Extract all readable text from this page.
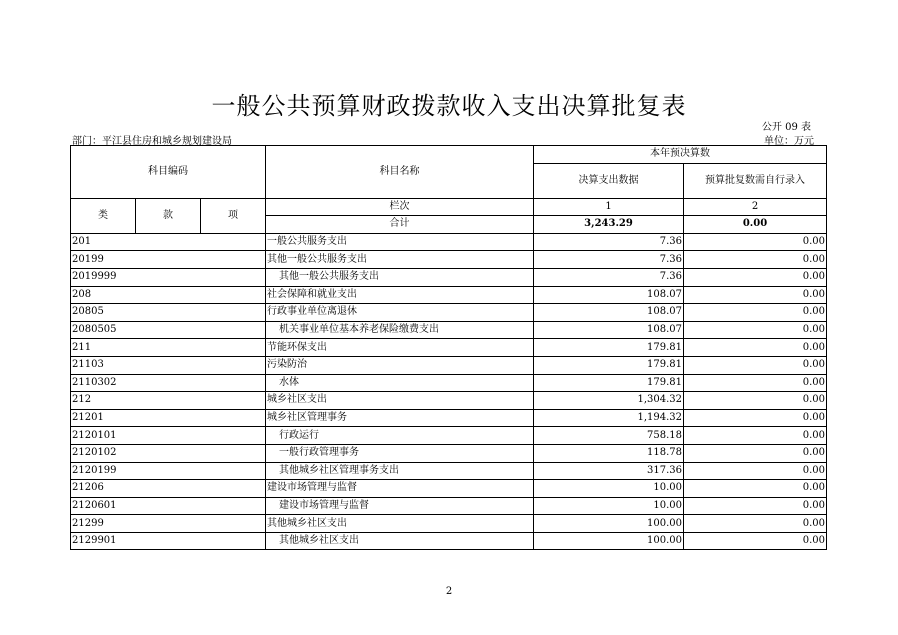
一般公共预算财政拨款收入支出决算批复表
公开 09 表
部门：平江县住房和城乡规划建设局	单位：万元
科目编码			科目名称	本年预决算数	
				决算支出数据	预算批复数需自行录入
类	款	项	栏次	1	2
			合计	3,243.29	0.00
201			一般公共服务支出	7.36	0.00
20199			其他一般公共服务支出	7.36	0.00
2019999			其他一般公共服务支出	7.36	0.00
208			社会保障和就业支出	108.07	0.00
20805			行政事业单位离退休	108.07	0.00
2080505			机关事业单位基本养老保险缴费支出	108.07	0.00
211			节能环保支出	179.81	0.00
21103			污染防治	179.81	0.00
2110302			水体	179.81	0.00
212			城乡社区支出	1,304.32	0.00
21201			城乡社区管理事务	1,194.32	0.00
2120101			行政运行	758.18	0.00
2120102			一般行政管理事务	118.78	0.00
2120199			其他城乡社区管理事务支出	317.36	0.00
21206			建设市场管理与监督	10.00	0.00
2120601			建设市场管理与监督	10.00	0.00
21299			其他城乡社区支出	100.00	0.00
2129901			其他城乡社区支出	100.00	0.00
2
